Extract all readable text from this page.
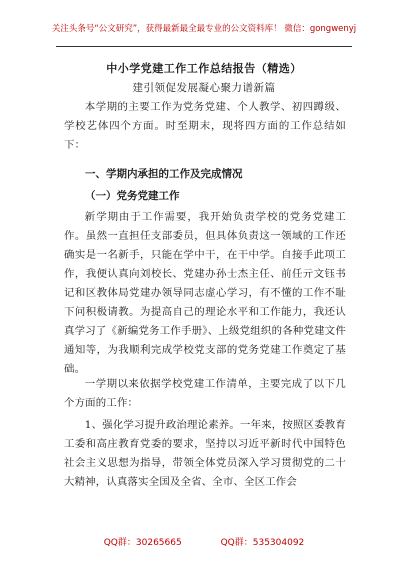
关注头条号“公文研究”，获得最新最全最专业的公文资料库！ 微信：gongwenyj
中小学党建工作工作总结报告（精选）
建引领促发展凝心聚力谱新篇

本学期的主要工作为党务党建、个人教学、初四蹲级、学校艺体四个方面。时至期末，现将四方面的工作总结如下：

一、学期内承担的工作及完成情况
（一）党务党建工作

新学期由于工作需要，我开始负责学校的党务党建工作。虽然一直担任支部委员，但具体负责这一领域的工作还确实是一名新手，只能在学中干，在干中学。自接手此项工作，我便认真向刘校长、党建办孙士杰主任、前任亓文钰书记和区教体局党建办领导同志虚心学习，有不懂的工作不耻下问积极请教。为提高自己的理论水平和工作能力，我还认真学习了《新编党务工作手册》、上级党组织的各种党建文件通知等，为我顺利完成学校党支部的党务党建工作奠定了基础。

一学期以来依据学校党建工作清单，主要完成了以下几个方面的工作：

1、强化学习提升政治理论素养。一年来，按照区委教育工委和高庄教育党委的要求，坚持以习近平新时代中国特色社会主义思想为指导，带领全体党员深入学习贯彻党的二十大精神，认真落实全国及全省、全市、全区工作会

QQ群：30265665	QQ群：535304092
